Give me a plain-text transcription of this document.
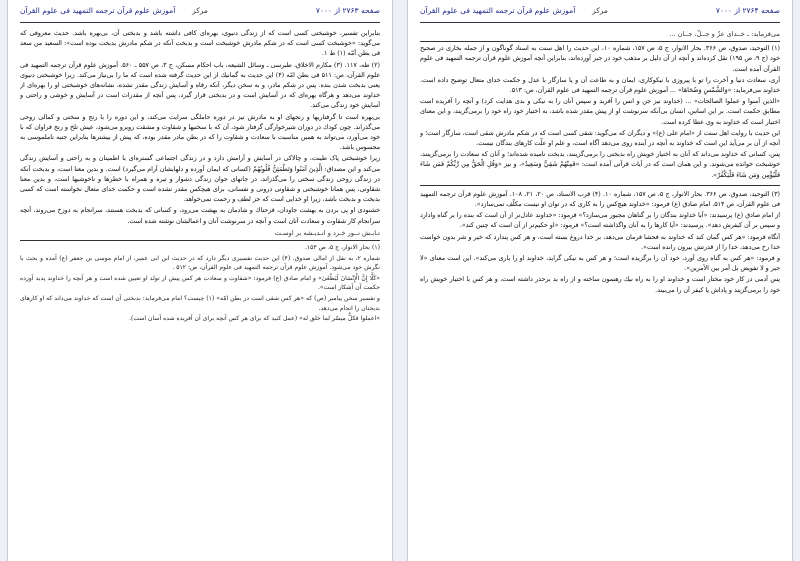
صفحه ۲۷۶۳ از ۷۰۰۰
مرکز
آموزش علوم قرآن ترجمه التمهيد فى علوم القرآن

بنابراين تفسير، خوشبختى كسى است كه از زندگى دنيوى، بهره‌اى كافى داشته باشد و بدبختى آن، بى‌بهره باشد. حديث معروفى كه مى‌گويد: «خوشبخت كسى است كه در شكم مادرش خوشبخت است و بدبخت آنكه در شكم مادرش بدبخت بوده است»: السعيد من سعد فى بطن أمّه (۱) ط ۱.

(۲) طه، ۱۱۷. (۳) مكارم الاخلاق، طبرسى ـ وسائل الشيعه، باب احكام مسكن، ج ۳، ص ۵۵۷ ـ ۵۶۰. آموزش علوم قرآن ترجمه التمهيد فى علوم القرآن، ص: ۵۱۱ فى بطن امّه (۴) اين حديث به گمانيك از اين حديث گرفته شده است كه ما را بى‌نياز مى‌كند. زيرا خوشبختى دنيوى يعنى بدبخت شدن بنده. پس در شكم مادر، و به سخن ديگر، آنكه رفاه و آسايش زندگى مقدر نشده، نشانه‌هاى خوشبختى او را بهره‌اى از خداوند مى‌دهد و هرگاه بهره‌اى كه در آسايش است و در بدبختى قرار گيرد، پس آنچه از مقدرات است در آسايش و خوشى و راحتى و آسايش خود زندگى مى‌كند.

بى‌بهره است تا گرفتاريها و رنجهاى او به مادرش نيز در دوره حاملگى سرايت مى‌كند، و اين دوره را با رنج و سختى و كمالى روحى مى‌گذراند. چون كودك در دوران شيرخوارگى گرفتار شود، آن كه با سختيها و شقاوت و مشقت روبرو مى‌شود، عيش تلخ و رنج فراوان كه با خود مى‌آورد، مى‌تواند به همين مناسبت با سعادت و شقاوت را كه در بطن مادر مقدر بوده، كه پيش از بيشترها بنابراين جنبه ناملموسى به محسوس باشد.

زيرا خوشبختى پاک طينت، و چالاكى در آسايش و آرامش دارد و در زندگى اجتماعى گستره‌اى با اطمينان و به راحتى و آسايش زندگى مى‌كند و اين مصداق: الَّذِينَ آمَنُوا وَتَطْمَئِنُّ قُلُوبُهُمْ (كسانى كه ايمان آورده و دلهايشان آرام مى‌گيرد) است. و بدين معنا است، و بدبخت آنكه در زندگى روحى زندگى سختى را مى‌گذراند، در جانهاى جوان زندگى دشوار و تيره و همراه با خطرها و ناخوشيها است، و بدين معنا شقاوتى، پس همانا خوشبختى و شقاوتى درونى و نفسانى، براى هيچكس مقدر نشده است و حكمت خداى متعال نخواسته است كه كسى بدبخت و بدبخت باشد، زيرا او خدايى است كه جز لطف و رحمت نمى‌خواهد.

خشنودى او پى بردن به بهشت جاودان، فرحناك و شادمان به بهشت مى‌رود، و كسانى كه بدبخت هستند، سرانجام به دوزخ مى‌روند، آنچه سرانجام كار شقاوت و سعادت آنان است و آنچه در سرنوشت آنان و اعمالشان نوشته شده است.

تـابـش نــور خـرد و انـديـشه بر اوسـت

(۱) بحار الانوار، ج ۵، ص ۱۵۳.

شماره ۲، به نقل از امالى صدوق. (۴) اين حديث تفسيرى ديگر دارد كه در حديث ابن ابى عمير، از امام موسى بن جعفر (ع) آمده و بحث با نگرش خود مى‌شود. آموزش علوم قرآن ترجمه التمهيد فى علوم القرآن، ص: ۵۱۲ .

«كَلَّا إِنَّ الْإِنْسَانَ لَيَطْغَىٰ» و امام صادق (ع) فرمود: «شقاوت و سعادت هر كس پيش از تولد او تعيين شده است و هر آنچه را خداوند پديد آورده حكمت آن آشكار است».

و تفسير سخن پيامبر (ص) كه «هر كس شقى است در بطن امّه» (۱) چيست؟ امام مى‌فرمايد: بدبختى آن است كه خداوند مى‌داند كه او كارهاى بدبختان را انجام مى‌دهد.

«اعملوا فكلٌّ ميسّر لما خلق له» (عمل كنيد كه براى هر كس آنچه براى آن آفريده شده آسان است).

صفحه ۲۷۶۴ از ۷۰۰۰
مرکز
آموزش علوم قرآن ترجمه التمهيد فى علوم القرآن
مى‌فرمايد: ـ خــداى عزّ و جــلّ، جــان ...

(۱) التوحيد، صدوق، ص ۳۶۶. بحار الانوار، ج ۵، ص ۱۵۷، شماره ۱۰، اين حديث را اهل سنت به اسناد گوناگون و از جمله بخارى در صحيح خود (ج ۹، ص ۱۹۵) نقل كرده‌اند و آنچه از آن دليل بر مذهب خود در جبر آورده‌اند، بنابراين آنچه آموزش علوم قرآن ترجمه التمهيد فى علوم القرآن آمده است.

آرى، سعادت دنيا و آخرت را تو با پيروزى با نيكوكارى، ايمان و به طاعت آن و يا سازگار با عدل و حكمت خداى متعال توضيح داده است. خداوند مى‌فرمايد: «وَالشَّمْسِ وَضُحَاهَا» ... آموزش علوم قرآن ترجمه التمهيد فى علوم القرآن، ص: ۵۱۳.

«الذين آمنوا و عملوا الصالحات» ... (خداوند نيز جن و انس را آفريد و سپس آنان را به نيكى و بدى هدايت كرد) و آنچه را آفريده است مطابق حكمت است. بر اين اساس، انسان بى‌آنكه سرنوشت او از پيش مقدر شده باشد، به اختيار خود راه خود را برمى‌گزيند، و اين معناى اختيار است كه خداوند به وى عطا كرده است.

اين حديث با روايت اهل سنت از «امام على (ع)» و ديگران كه مى‌گويد: شقى كسى است كه در شكم مادرش شقى است، سازگار است؛ و آنچه از آن بر مى‌آيد اين است كه خداوند به آنچه در آينده روى مى‌دهد آگاه است، و علم او علّت كارهاى بندگان نيست.

پس، كسانى كه خداوند مى‌داند كه آنان به اختيار خويش راه بدبختى را برمى‌گزينند، بدبخت ناميده شده‌اند؛ و آنان كه سعادت را برمى‌گزينند، خوشبخت خوانده مى‌شوند. و اين همان است كه در آيات قرآنى آمده است: «فَمِنْهُمْ شَقِيٌّ وَسَعِيدٌ»، و نيز «وَقُلِ الْحَقُّ مِن رَّبِّكُمْ فَمَن شَاءَ فَلْيُؤْمِن وَمَن شَاءَ فَلْيَكْفُرْ».

(۳) التوحيد، صدوق، ص ۳۶۶. بحار الانوار، ج ۵، ص ۱۵۷، شماره ۱۰. (۴) قرب الاسناد، ص ۲۰، ۲۱، ۱۰۸. آموزش علوم قرآن ترجمه التمهيد فى علوم القرآن، ص ۵۱۴. امام صادق (ع) فرمود: «خداوند هيچ‌كس را به كارى كه در توان او نيست مكلّف نمى‌سازد».

از امام صادق (ع) پرسيدند: «آيا خداوند بندگان را بر گناهان مجبور مى‌سازد؟» فرمود: «خداوند عادل‌تر از آن است كه بنده را بر گناه وادارد و سپس بر آن كيفرش دهد». پرسيدند: «آيا كارها را به آنان واگذاشته است؟» فرمود: «او حكيم‌تر از آن است كه چنين كند».

آنگاه فرمود: «هر كس گمان كند كه خداوند به فحشا فرمان مى‌دهد، بر خدا دروغ بسته است، و هر كس پندارد كه خير و شر بدون خواست خدا رخ مى‌دهد، خدا را از قدرتش بيرون رانده است».

و فرمود: «هر كس به گناه روى آورد، خود آن را برگزيده است؛ و هر كس به نيكى گرايد، خداوند او را يارى مى‌كند». اين است معناى «لا جبر و لا تفويض بل أمر بين الأمرين».

پس آدمى در كار خود مختار است و خداوند او را به راه نيك رهنمون ساخته و از راه بد برحذر داشته است، و هر كس با اختيار خويش راه خود را برمى‌گزيند و پاداش يا كيفر آن را مى‌بيند.
